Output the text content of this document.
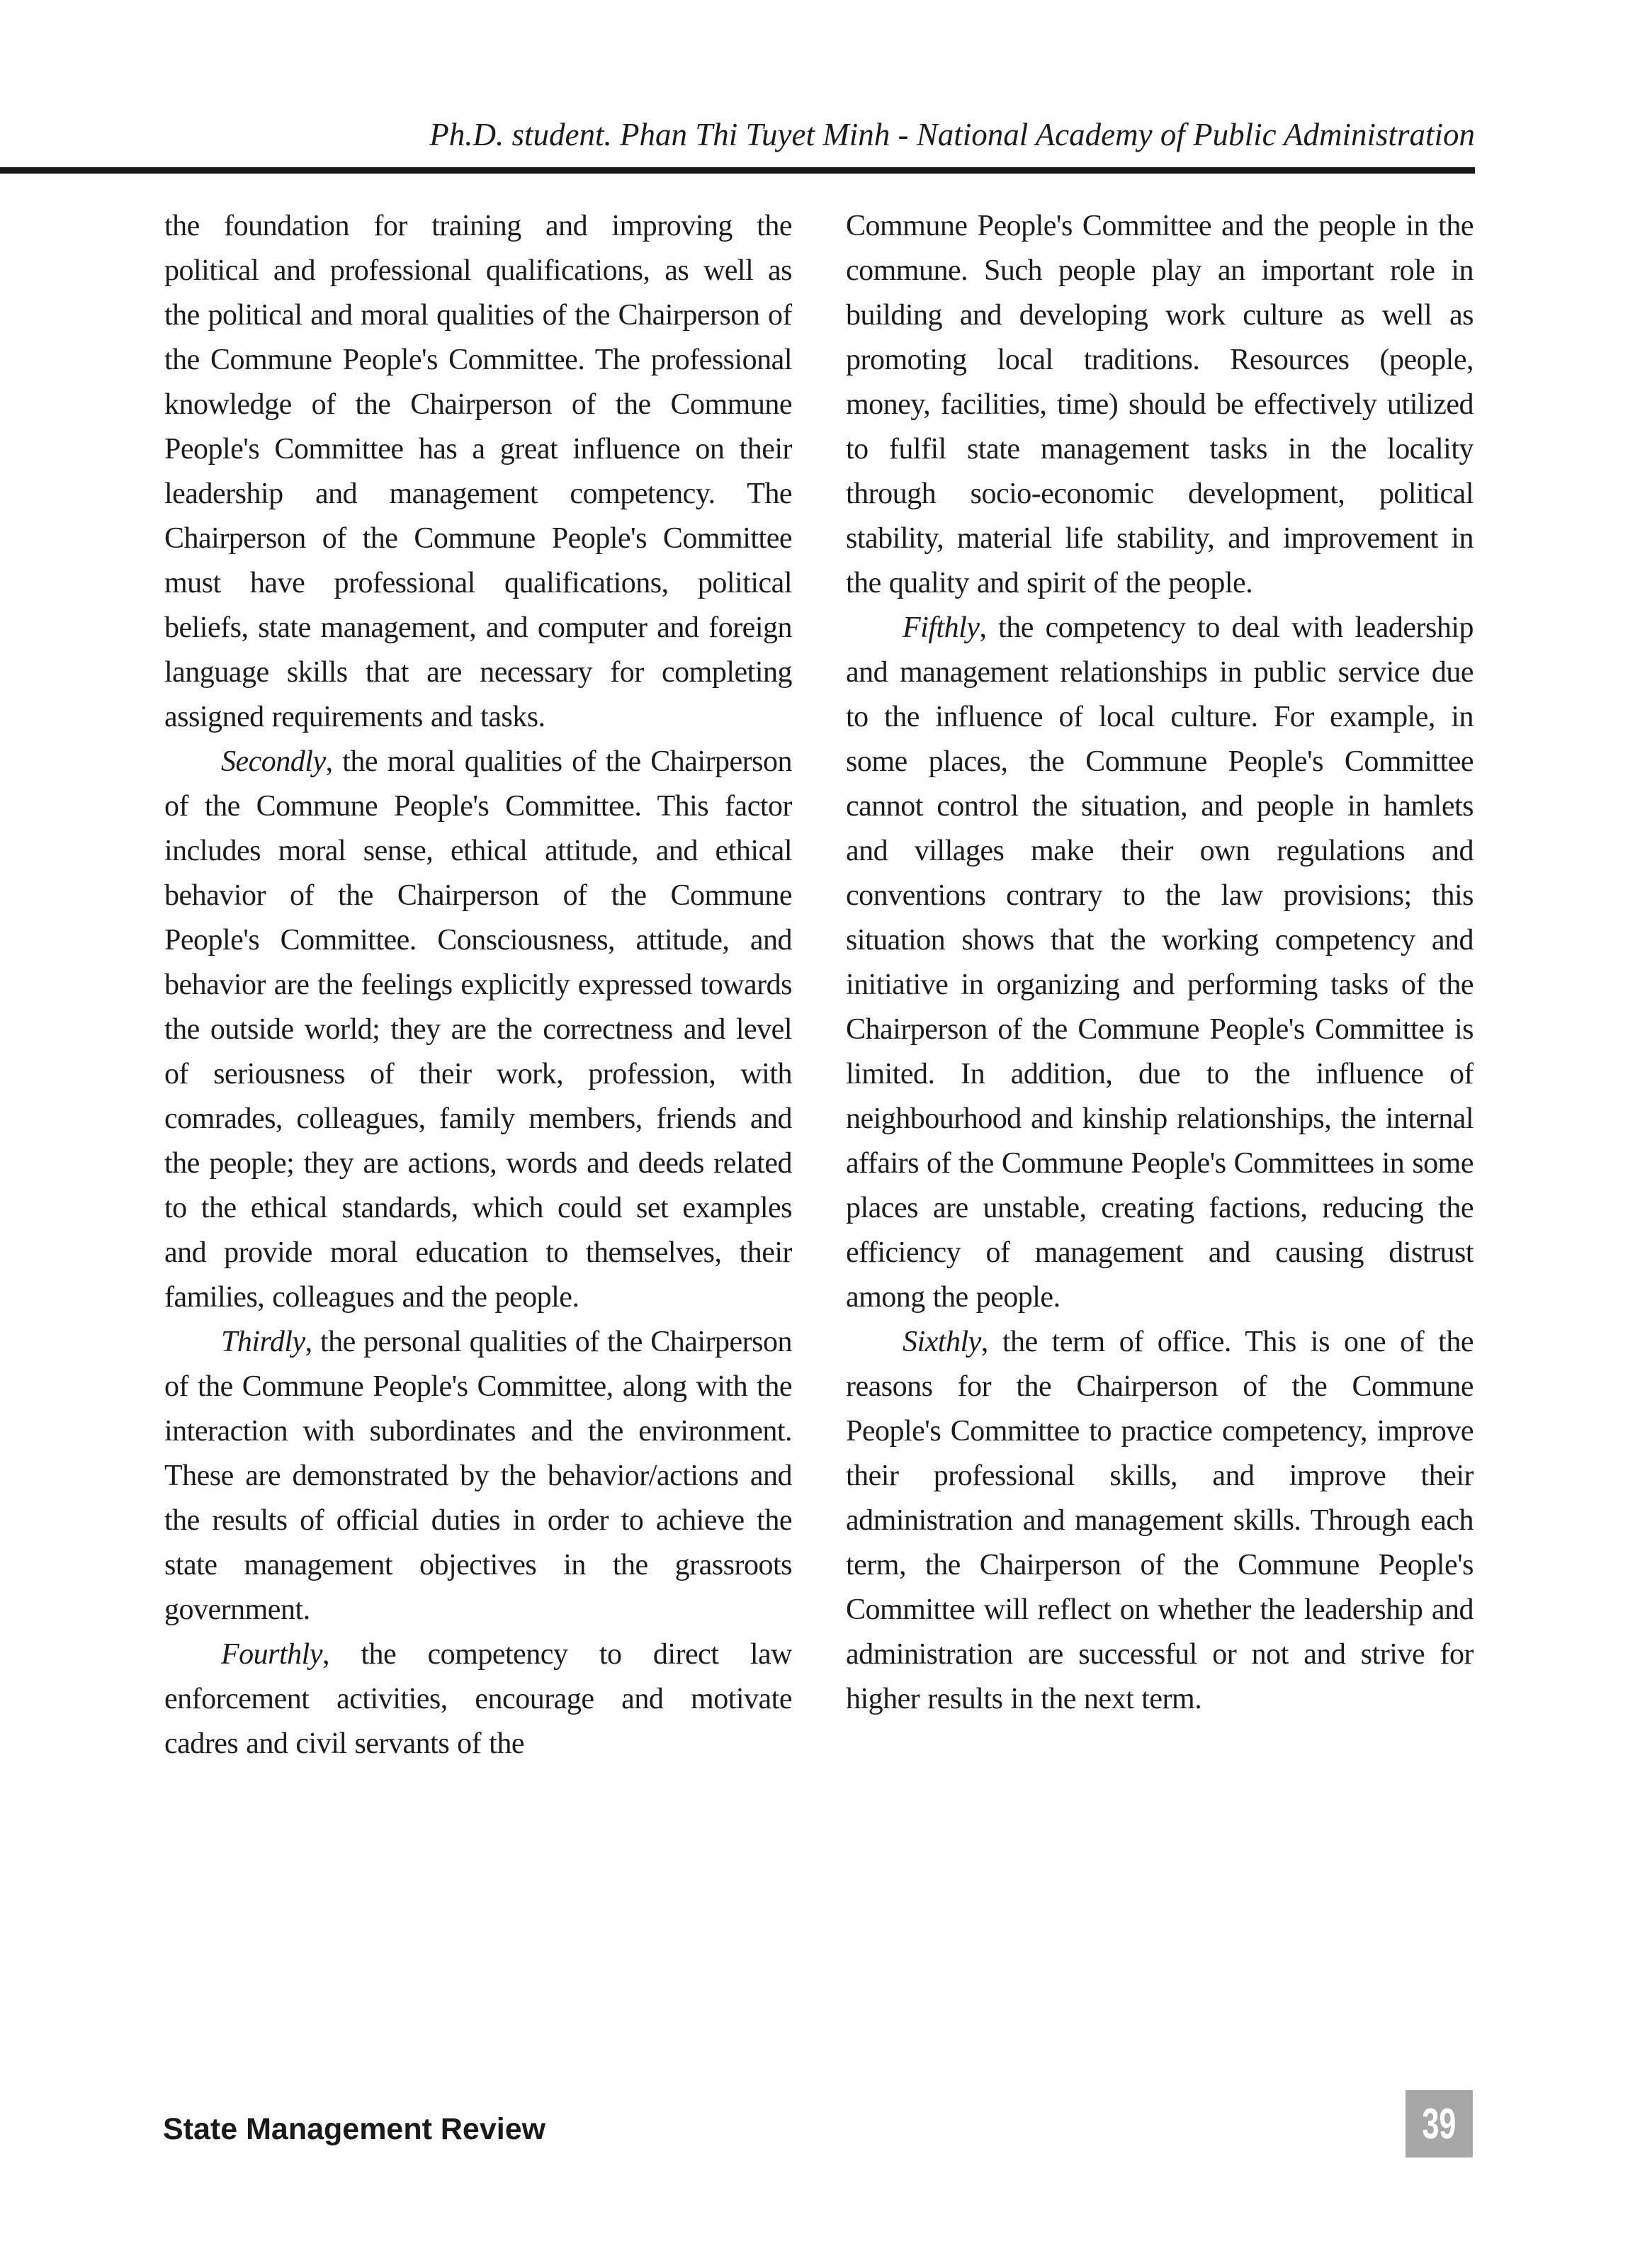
Ph.D. student. Phan Thi Tuyet Minh - National Academy of Public Administration

the foundation for training and improving the political and professional qualifications, as well as the political and moral qualities of the Chairperson of the Commune People's Committee. The professional knowledge of the Chairperson of the Commune People's Committee has a great influence on their leadership and management competency. The Chairperson of the Commune People's Committee must have professional qualifications, political beliefs, state management, and computer and foreign language skills that are necessary for completing assigned requirements and tasks.

Secondly, the moral qualities of the Chairperson of the Commune People's Committee. This factor includes moral sense, ethical attitude, and ethical behavior of the Chairperson of the Commune People's Committee. Consciousness, attitude, and behavior are the feelings explicitly expressed towards the outside world; they are the correctness and level of seriousness of their work, profession, with comrades, colleagues, family members, friends and the people; they are actions, words and deeds related to the ethical standards, which could set examples and provide moral education to themselves, their families, colleagues and the people.

Thirdly, the personal qualities of the Chairperson of the Commune People's Committee, along with the interaction with subordinates and the environment. These are demonstrated by the behavior/actions and the results of official duties in order to achieve the state management objectives in the grassroots government.

Fourthly, the competency to direct law enforcement activities, encourage and motivate cadres and civil servants of the

Commune People's Committee and the people in the commune. Such people play an important role in building and developing work culture as well as promoting local traditions. Resources (people, money, facilities, time) should be effectively utilized to fulfil state management tasks in the locality through socio-economic development, political stability, material life stability, and improvement in the quality and spirit of the people.

Fifthly, the competency to deal with leadership and management relationships in public service due to the influence of local culture. For example, in some places, the Commune People's Committee cannot control the situation, and people in hamlets and villages make their own regulations and conventions contrary to the law provisions; this situation shows that the working competency and initiative in organizing and performing tasks of the Chairperson of the Commune People's Committee is limited. In addition, due to the influence of neighbourhood and kinship relationships, the internal affairs of the Commune People's Committees in some places are unstable, creating factions, reducing the efficiency of management and causing distrust among the people.

Sixthly, the term of office. This is one of the reasons for the Chairperson of the Commune People's Committee to practice competency, improve their professional skills, and improve their administration and management skills. Through each term, the Chairperson of the Commune People's Committee will reflect on whether the leadership and administration are successful or not and strive for higher results in the next term.

State Management Review	39
